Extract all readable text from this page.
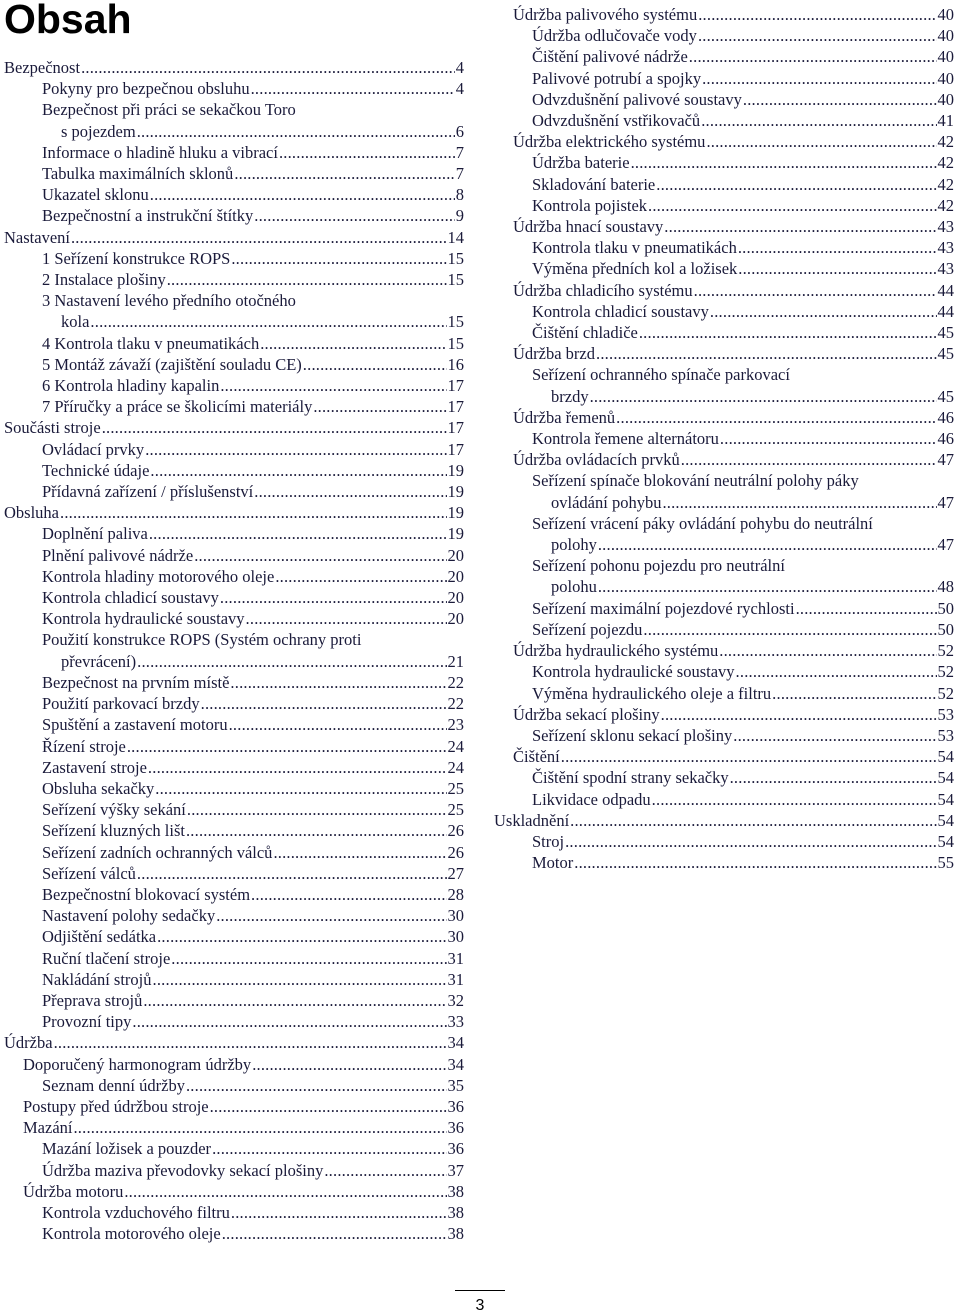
Obsah
Bezpečnost .....	4
Pokyny pro bezpečnou obsluhu .....	4
Bezpečnost při práci se sekačkou Toro
s pojezdem .....	6
Informace o hladině hluku a vibrací .....	7
Tabulka maximálních sklonů .....	7
Ukazatel sklonu .....	8
Bezpečnostní a instrukční štítky .....	9
Nastavení .....	14
1 Seřízení konstrukce ROPS .....	15
2 Instalace plošiny .....	15
3 Nastavení levého předního otočného
kola .....	15
4 Kontrola tlaku v pneumatikách .....	15
5 Montáž závaží (zajištění souladu CE) .....	16
6 Kontrola hladiny kapalin .....	17
7 Příručky a práce se školicími materiály .....	17
Součásti stroje .....	17
Ovládací prvky .....	17
Technické údaje .....	19
Přídavná zařízení / příslušenství .....	19
Obsluha .....	19
Doplnění paliva .....	19
Plnění palivové nádrže .....	20
Kontrola hladiny motorového oleje .....	20
Kontrola chladicí soustavy .....	20
Kontrola hydraulické soustavy .....	20
Použití konstrukce ROPS (Systém ochrany proti
převrácení) .....	21
Bezpečnost na prvním místě .....	22
Použití parkovací brzdy .....	22
Spuštění a zastavení motoru .....	23
Řízení stroje .....	24
Zastavení stroje .....	24
Obsluha sekačky .....	25
Seřízení výšky sekání .....	25
Seřízení kluzných lišt .....	26
Seřízení zadních ochranných válců .....	26
Seřízení válců .....	27
Bezpečnostní blokovací systém .....	28
Nastavení polohy sedačky .....	30
Odjištění sedátka .....	30
Ruční tlačení stroje .....	31
Nakládání strojů .....	31
Přeprava strojů .....	32
Provozní tipy .....	33
Údržba .....	34
Doporučený harmonogram údržby .....	34
Seznam denní údržby .....	35
Postupy před údržbou stroje .....	36
Mazání .....	36
Mazání ložisek a pouzder .....	36
Údržba maziva převodovky sekací plošiny .....	37
Údržba motoru .....	38
Kontrola vzduchového filtru .....	38
Kontrola motorového oleje .....	38
Údržba palivového systému .....	40
Údržba odlučovače vody .....	40
Čištění palivové nádrže .....	40
Palivové potrubí a spojky .....	40
Odvzdušnění palivové soustavy .....	40
Odvzdušnění vstřikovačů .....	41
Údržba elektrického systému .....	42
Údržba baterie .....	42
Skladování baterie .....	42
Kontrola pojistek .....	42
Údržba hnací soustavy .....	43
Kontrola tlaku v pneumatikách .....	43
Výměna předních kol a ložisek .....	43
Údržba chladicího systému .....	44
Kontrola chladicí soustavy .....	44
Čištění chladiče .....	45
Údržba brzd .....	45
Seřízení ochranného spínače parkovací
brzdy .....	45
Údržba řemenů .....	46
Kontrola řemene alternátoru .....	46
Údržba ovládacích prvků .....	47
Seřízení spínače blokování neutrální polohy páky
ovládání pohybu .....	47
Seřízení vrácení páky ovládání pohybu do neutrální
polohy .....	47
Seřízení pohonu pojezdu pro neutrální
polohu .....	48
Seřízení maximální pojezdové rychlosti .....	50
Seřízení pojezdu .....	50
Údržba hydraulického systému .....	52
Kontrola hydraulické soustavy .....	52
Výměna hydraulického oleje a filtru .....	52
Údržba sekací plošiny .....	53
Seřízení sklonu sekací plošiny .....	53
Čištění .....	54
Čištění spodní strany sekačky .....	54
Likvidace odpadu .....	54
Uskladnění .....	54
Stroj .....	54
Motor .....	55
3
